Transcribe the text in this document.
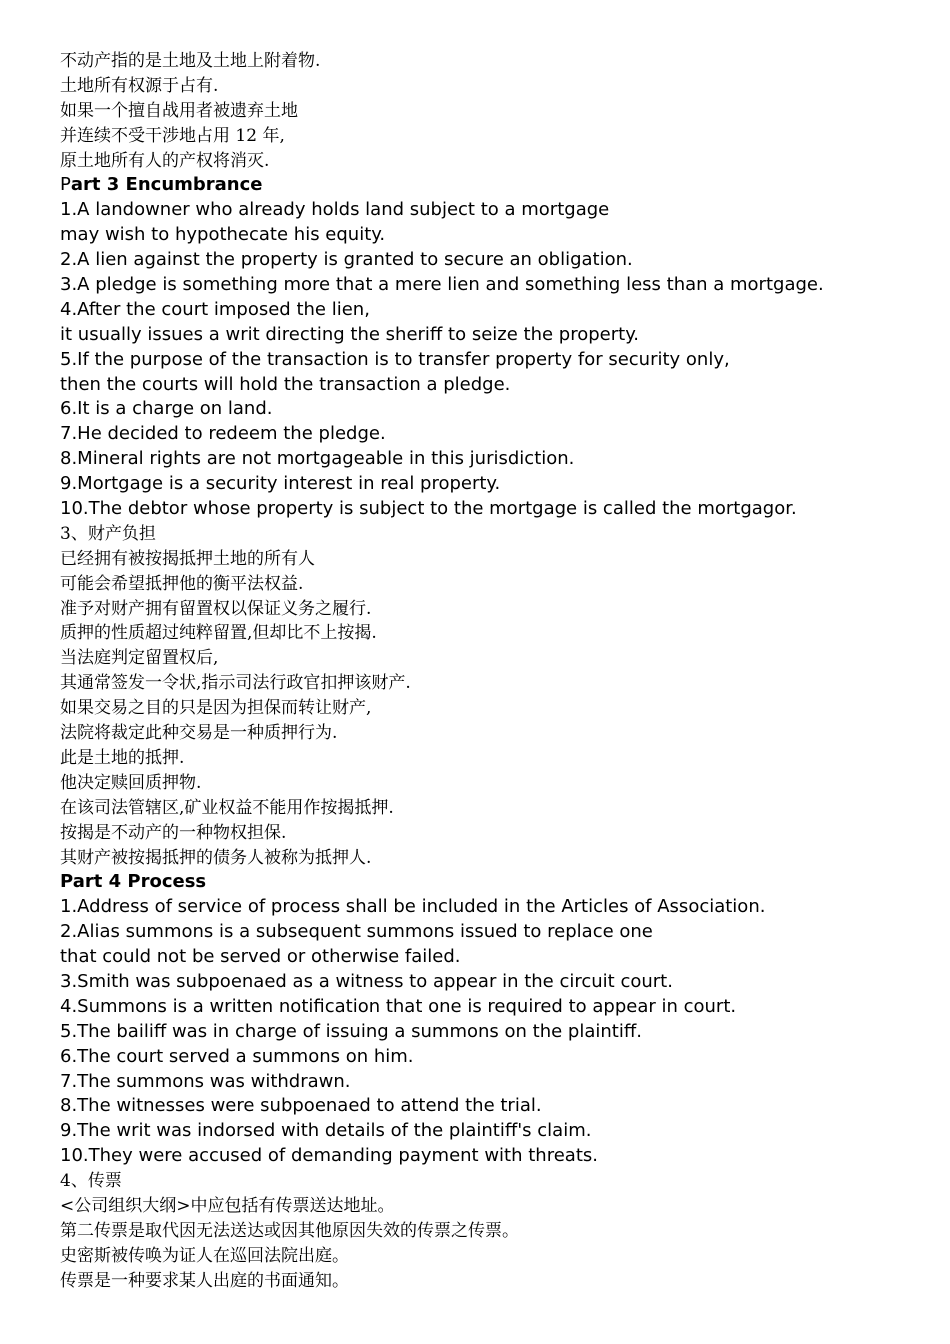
不动产指的是土地及土地上附着物.
土地所有权源于占有.
如果一个擅自战用者被遗弃土地
并连续不受干涉地占用 12 年,
原土地所有人的产权将消灭.
Part 3 Encumbrance
1.A landowner who already holds land subject to a mortgage
may wish to hypothecate his equity.
2.A lien against the property is granted to secure an obligation.
3.A pledge is something more that a mere lien and something less than a mortgage.
4.After the court imposed the lien,
it usually issues a writ directing the sheriff to seize the property.
5.If the purpose of the transaction is to transfer property for security only,
then the courts will hold the transaction a pledge.
6.It is a charge on land.
7.He decided to redeem the pledge.
8.Mineral rights are not mortgageable in this jurisdiction.
9.Mortgage is a security interest in real property.
10.The debtor whose property is subject to the mortgage is called the mortgagor.
3、财产负担
已经拥有被按揭抵押土地的所有人
可能会希望抵押他的衡平法权益.
准予对财产拥有留置权以保证义务之履行.
质押的性质超过纯粹留置,但却比不上按揭.
当法庭判定留置权后,
其通常签发一令状,指示司法行政官扣押该财产.
如果交易之目的只是因为担保而转让财产,
法院将裁定此种交易是一种质押行为.
此是土地的抵押.
他决定赎回质押物.
在该司法管辖区,矿业权益不能用作按揭抵押.
按揭是不动产的一种物权担保.
其财产被按揭抵押的债务人被称为抵押人.
Part 4 Process
1.Address of service of process shall be included in the Articles of Association.
2.Alias summons is a subsequent summons issued to replace one
that could not be served or otherwise failed.
3.Smith was subpoenaed as a witness to appear in the circuit court.
4.Summons is a written notification that one is required to appear in court.
5.The bailiff was in charge of issuing a summons on the plaintiff.
6.The court served a summons on him.
7.The summons was withdrawn.
8.The witnesses were subpoenaed to attend the trial.
9.The writ was indorsed with details of the plaintiff's claim.
10.They were accused of demanding payment with threats.
4、传票
<公司组织大纲>中应包括有传票送达地址。
第二传票是取代因无法送达或因其他原因失效的传票之传票。
史密斯被传唤为证人在巡回法院出庭。
传票是一种要求某人出庭的书面通知。
